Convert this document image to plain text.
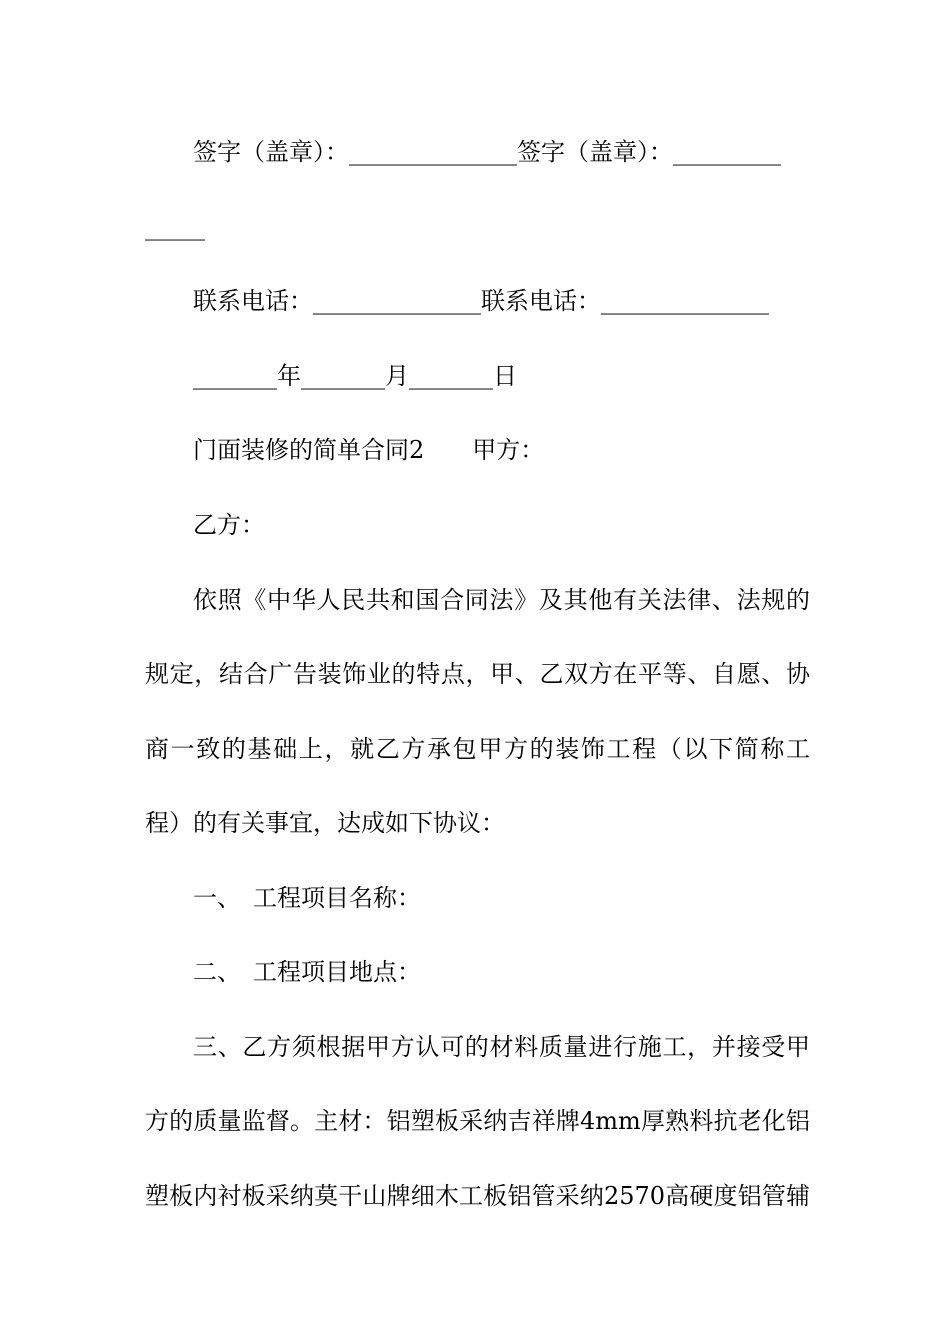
签字（盖章）：______________签字（盖章）：_________
_____
联系电话：______________联系电话：______________
_______年_______月_______日
门面装修的简单合同2　　甲方：
乙方：
依照《中华人民共和国合同法》及其他有关法律、法规的
规定，结合广告装饰业的特点，甲、乙双方在平等、自愿、协
商一致的基础上，就乙方承包甲方的装饰工程（以下简称工
程）的有关事宜，达成如下协议：
一、　工程项目名称：
二、　工程项目地点：
三、乙方须根据甲方认可的材料质量进行施工，并接受甲
方的质量监督。主材：铝塑板采纳吉祥牌4mm厚熟料抗老化铝
塑板内衬板采纳莫干山牌细木工板铝管采纳2570高硬度铝管辅
